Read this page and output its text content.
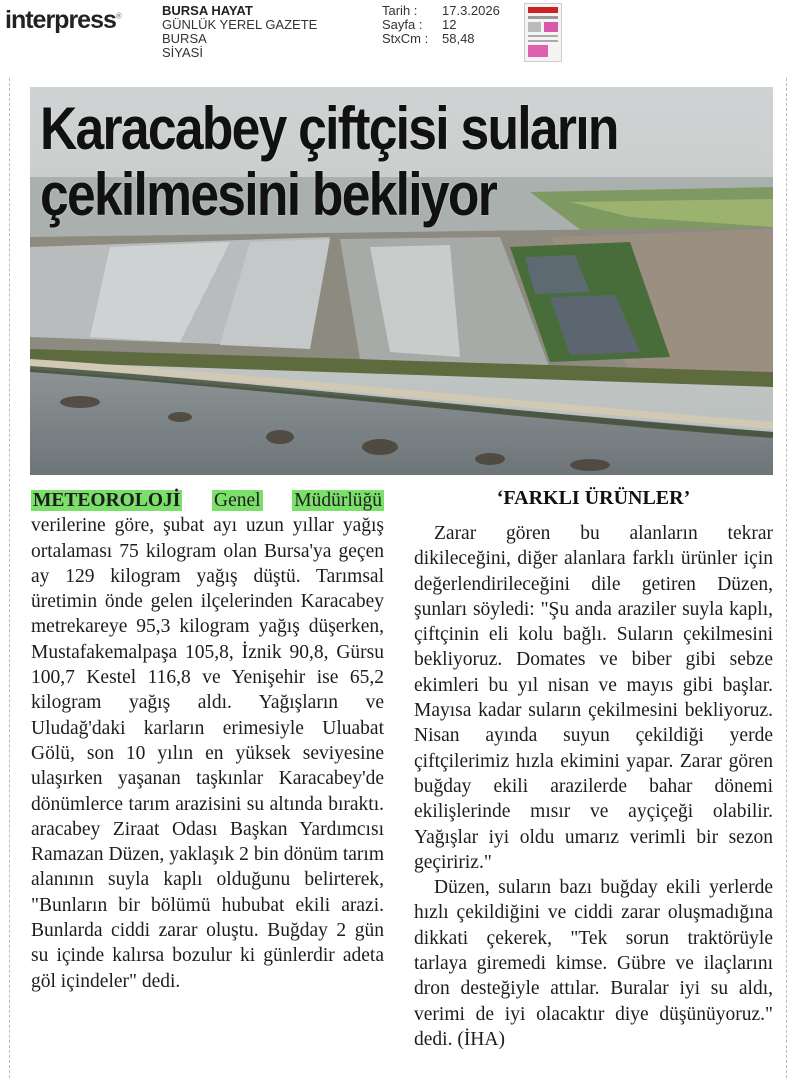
interpress®	BURSA HAYAT
GÜNLÜK YEREL GAZETE
BURSA
SİYASİ
Tarih :	17.3.2026
Sayfa :	12
StxCm :	58,48
Karacabey çiftçisi suların
çekilmesini bekliyor

METEOROLOJİ Genel Müdürlüğü verilerine göre, şubat ayı uzun yıllar yağış ortalaması 75 kilogram olan Bursa'ya geçen ay 129 kilogram yağış düştü. Tarımsal üretimin önde gelen ilçelerinden Karacabey metrekareye 95,3 kilogram yağış düşerken, Mustafakemalpaşa 105,8, İznik 90,8, Gürsu 100,7 Kestel 116,8 ve Yenişehir ise 65,2 kilogram yağış aldı. Yağışların ve Uludağ'daki karların erimesiyle Uluabat Gölü, son 10 yılın en yüksek seviyesine ulaşırken yaşanan taşkınlar Karacabey'de dönümlerce tarım arazisini su altında bıraktı. aracabey Ziraat Odası Başkan Yardımcısı Ramazan Düzen, yaklaşık 2 bin dönüm tarım alanının suyla kaplı olduğunu belirterek, "Bunların bir bölümü hububat ekili arazi. Bunlarda ciddi zarar oluştu. Buğday 2 gün su içinde kalırsa bozulur ki günlerdir adeta göl içindeler" dedi.

‘FARKLI ÜRÜNLER’

Zarar gören bu alanların tekrar dikileceğini, diğer alanlara farklı ürünler için değerlendirileceğini dile getiren Düzen, şunları söyledi: "Şu anda araziler suyla kaplı, çiftçinin eli kolu bağlı. Suların çekilmesini bekliyoruz. Domates ve biber gibi sebze ekimleri bu yıl nisan ve mayıs gibi başlar. Mayısa kadar suların çekilmesini bekliyoruz. Nisan ayında suyun çekildiği yerde çiftçilerimiz hızla ekimini yapar. Zarar gören buğday ekili arazilerde bahar dönemi ekilişlerinde mısır ve ayçiçeği olabilir. Yağışlar iyi oldu umarız verimli bir sezon geçiririz."

Düzen, suların bazı buğday ekili yerlerde hızlı çekildiğini ve ciddi zarar oluşmadığına dikkati çekerek, "Tek sorun traktörüyle tarlaya giremedi kimse. Gübre ve ilaçlarını dron desteğiyle attılar. Buralar iyi su aldı, verimi de iyi olacaktır diye düşünüyoruz." dedi. (İHA)
